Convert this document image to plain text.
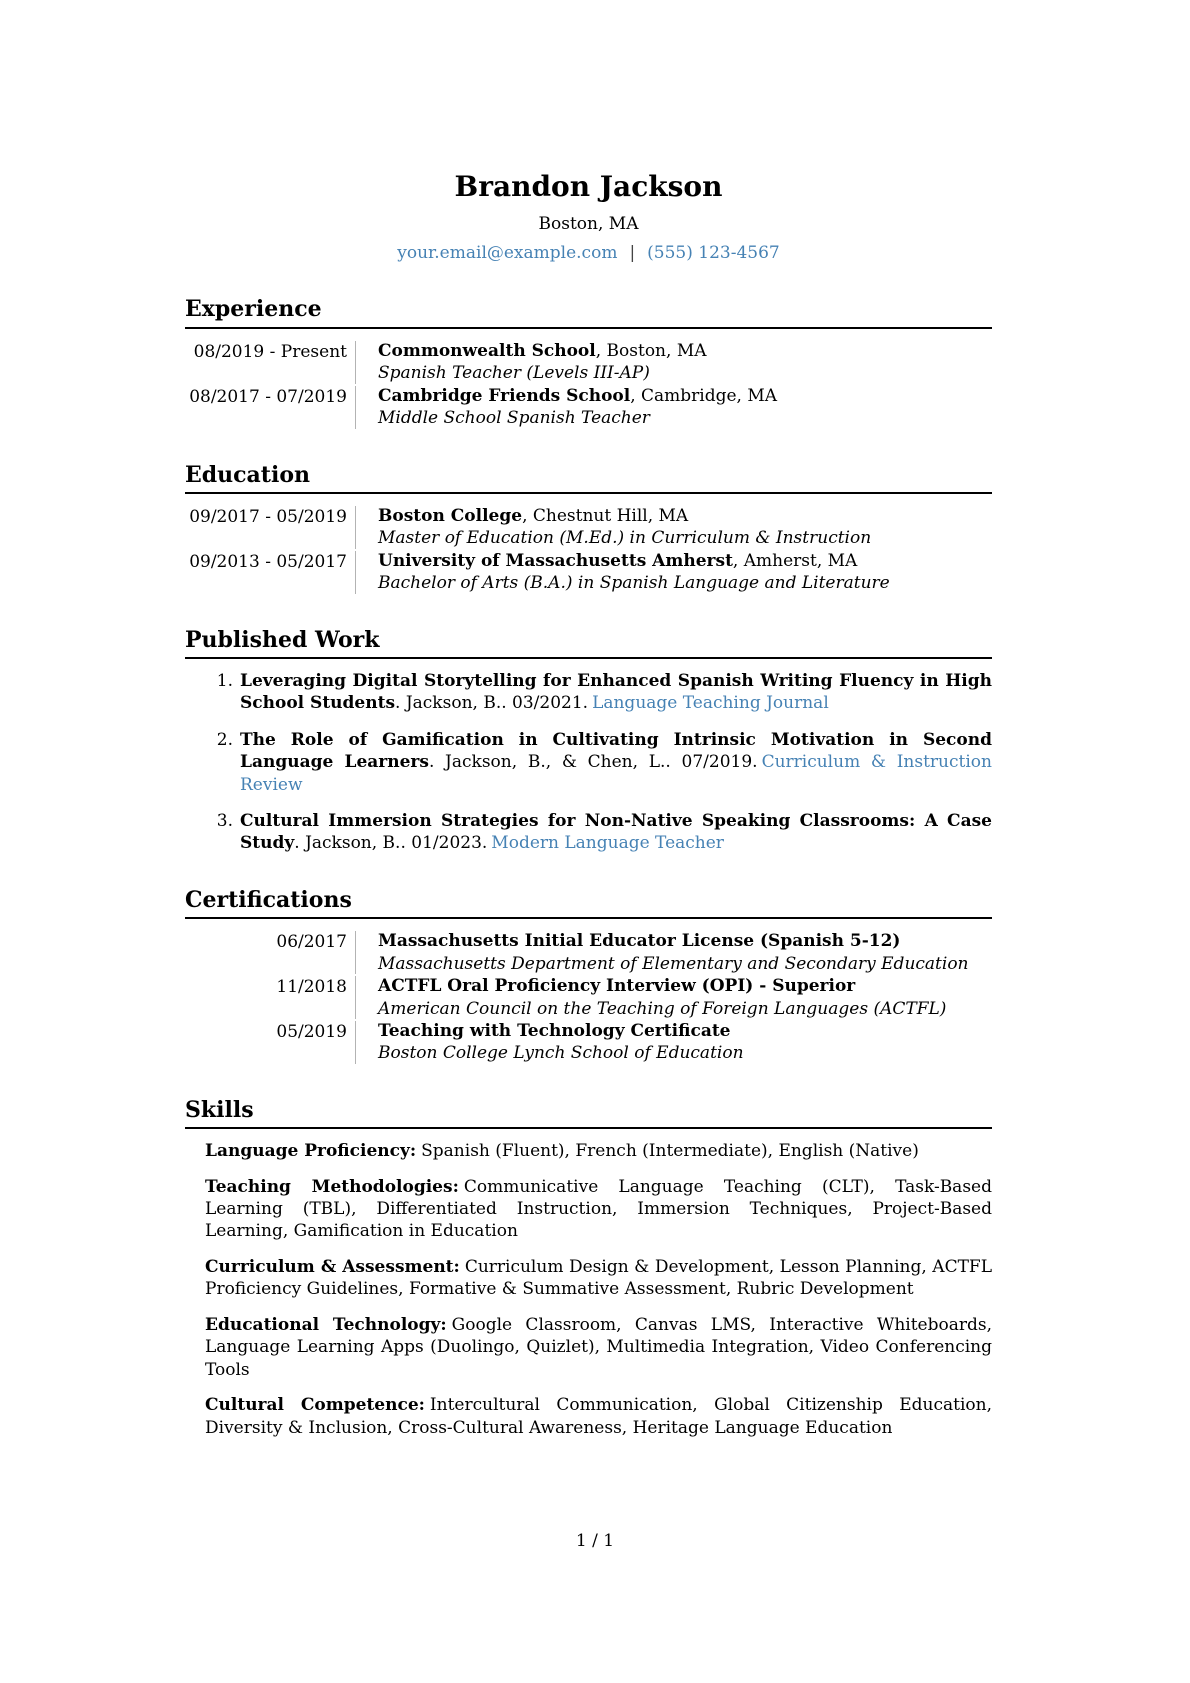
Brandon Jackson
Boston, MA
your.email@example.com | (555) 123-4567
Experience
08/2019 - Present	Commonwealth School, Boston, MA
Spanish Teacher (Levels III-AP)
08/2017 - 07/2019	Cambridge Friends School, Cambridge, MA
Middle School Spanish Teacher
Education
09/2017 - 05/2019	Boston College, Chestnut Hill, MA
Master of Education (M.Ed.) in Curriculum & Instruction
09/2013 - 05/2017	University of Massachusetts Amherst, Amherst, MA
Bachelor of Arts (B.A.) in Spanish Language and Literature
Published Work
1. Leveraging Digital Storytelling for Enhanced Spanish Writing Fluency in High School Students. Jackson, B.. 03/2021. Language Teaching Journal
2. The Role of Gamification in Cultivating Intrinsic Motivation in Second Language Learners. Jackson, B., & Chen, L.. 07/2019. Curriculum & Instruction Review
3. Cultural Immersion Strategies for Non-Native Speaking Classrooms: A Case Study. Jackson, B.. 01/2023. Modern Language Teacher
Certifications
06/2017	Massachusetts Initial Educator License (Spanish 5-12)
Massachusetts Department of Elementary and Secondary Education
11/2018	ACTFL Oral Proficiency Interview (OPI) - Superior
American Council on the Teaching of Foreign Languages (ACTFL)
05/2019	Teaching with Technology Certificate
Boston College Lynch School of Education
Skills
Language Proficiency: Spanish (Fluent), French (Intermediate), English (Native)
Teaching Methodologies: Communicative Language Teaching (CLT), Task-Based Learning (TBL), Differentiated Instruction, Immersion Techniques, Project-Based Learning, Gamification in Education
Curriculum & Assessment: Curriculum Design & Development, Lesson Planning, ACTFL Proficiency Guidelines, Formative & Summative Assessment, Rubric Development
Educational Technology: Google Classroom, Canvas LMS, Interactive Whiteboards, Language Learning Apps (Duolingo, Quizlet), Multimedia Integration, Video Conferencing Tools
Cultural Competence: Intercultural Communication, Global Citizenship Education, Diversity & Inclusion, Cross-Cultural Awareness, Heritage Language Education
1 / 1
